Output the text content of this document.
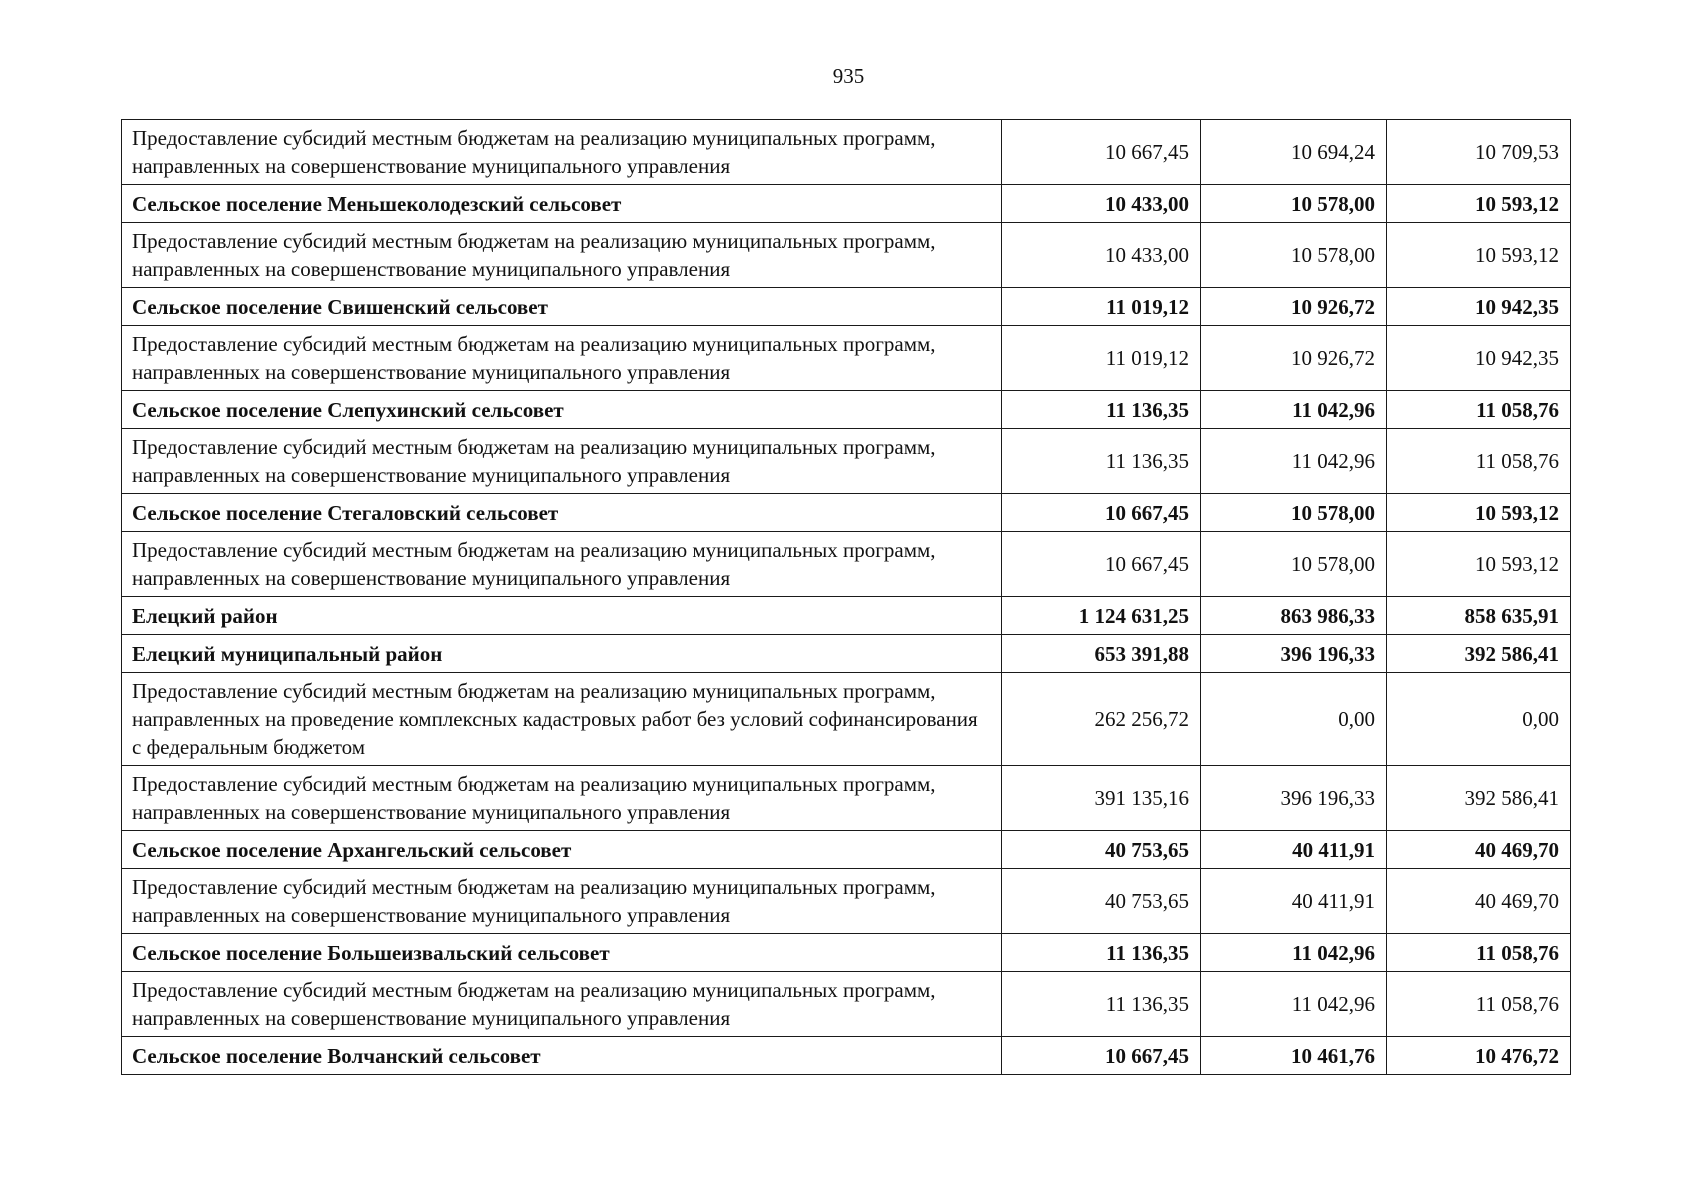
935
Предоставление субсидий местным бюджетам на реализацию муниципальных программ, направленных на совершенствование муниципального управления	10 667,45	10 694,24	10 709,53
Сельское поселение Меньшеколодезский сельсовет	10 433,00	10 578,00	10 593,12
Предоставление субсидий местным бюджетам на реализацию муниципальных программ, направленных на совершенствование муниципального управления	10 433,00	10 578,00	10 593,12
Сельское поселение Свишенский сельсовет	11 019,12	10 926,72	10 942,35
Предоставление субсидий местным бюджетам на реализацию муниципальных программ, направленных на совершенствование муниципального управления	11 019,12	10 926,72	10 942,35
Сельское поселение Слепухинский сельсовет	11 136,35	11 042,96	11 058,76
Предоставление субсидий местным бюджетам на реализацию муниципальных программ, направленных на совершенствование муниципального управления	11 136,35	11 042,96	11 058,76
Сельское поселение Стегаловский сельсовет	10 667,45	10 578,00	10 593,12
Предоставление субсидий местным бюджетам на реализацию муниципальных программ, направленных на совершенствование муниципального управления	10 667,45	10 578,00	10 593,12
Елецкий район	1 124 631,25	863 986,33	858 635,91
Елецкий муниципальный район	653 391,88	396 196,33	392 586,41
Предоставление субсидий местным бюджетам на реализацию муниципальных программ, направленных на проведение комплексных кадастровых работ без условий софинансирования с федеральным бюджетом	262 256,72	0,00	0,00
Предоставление субсидий местным бюджетам на реализацию муниципальных программ, направленных на совершенствование муниципального управления	391 135,16	396 196,33	392 586,41
Сельское поселение Архангельский сельсовет	40 753,65	40 411,91	40 469,70
Предоставление субсидий местным бюджетам на реализацию муниципальных программ, направленных на совершенствование муниципального управления	40 753,65	40 411,91	40 469,70
Сельское поселение Большеизвальский сельсовет	11 136,35	11 042,96	11 058,76
Предоставление субсидий местным бюджетам на реализацию муниципальных программ, направленных на совершенствование муниципального управления	11 136,35	11 042,96	11 058,76
Сельское поселение Волчанский сельсовет	10 667,45	10 461,76	10 476,72
